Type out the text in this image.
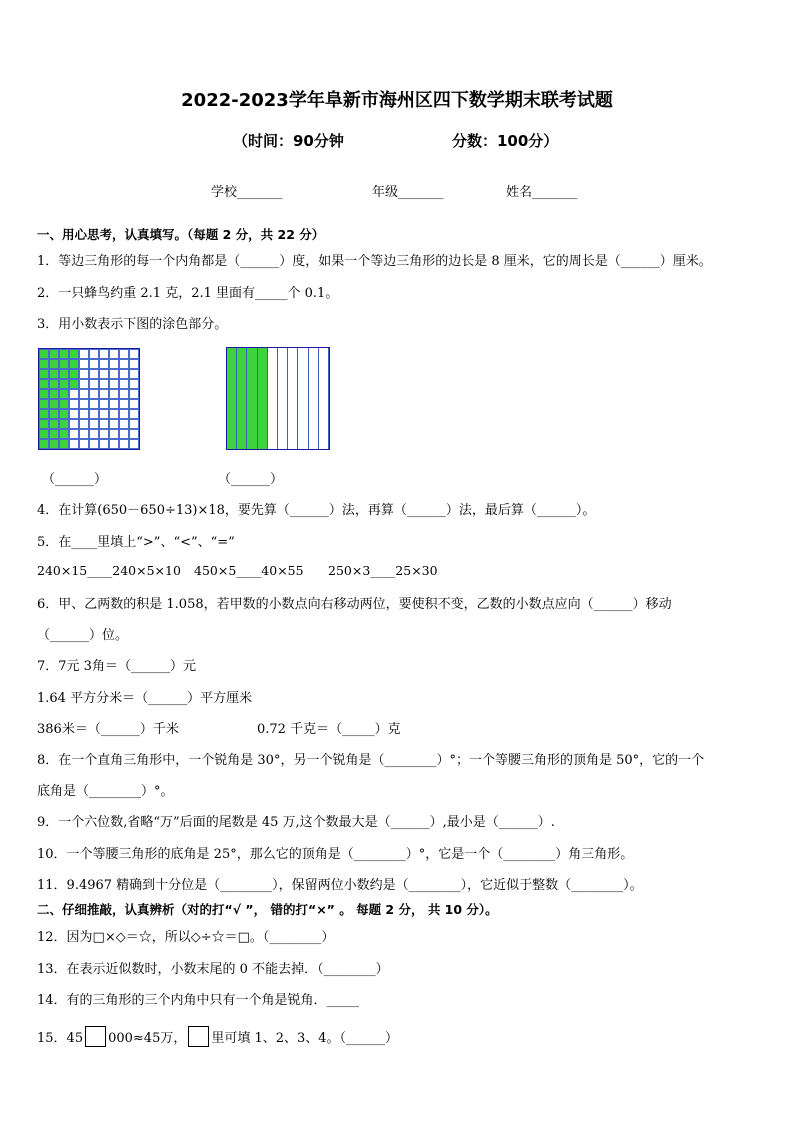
2022-2023学年阜新市海州区四下数学期末联考试题
（时间：90分钟	分数：100分）
学校_______	年级_______	姓名_______
一、用心思考，认真填写。（每题 2 分，共 22 分）
1．等边三角形的每一个内角都是（______）度，如果一个等边三角形的边长是 8 厘米，它的周长是（______）厘米。
2．一只蜂鸟约重 2.1 克，2.1 里面有_____个 0.1。
3．用小数表示下图的涂色部分。
（______）	（______）
4．在计算(650－650÷13)×18，要先算（______）法，再算（______）法，最后算（______）。
5．在____里填上“>”、“<”、“=”
240×15____240×5×10 450×5____40×55 250×3____25×30
6．甲、乙两数的积是 1.058，若甲数的小数点向右移动两位，要使积不变，乙数的小数点应向（______）移动
（______）位。
7．7元 3角＝（______）元
1.64 平方分米＝（______）平方厘米
386米＝（______）千米	0.72 千克＝（_____）克
8．在一个直角三角形中，一个锐角是 30°，另一个锐角是（________）°；一个等腰三角形的顶角是 50°，它的一个
底角是（________）°。
9．一个六位数,省略“万”后面的尾数是 45 万,这个数最大是（______）,最小是（______）.
10．一个等腰三角形的底角是 25°，那么它的顶角是（________）°，它是一个（________）角三角形。
11．9.4967 精确到十分位是（________），保留两位小数约是（________），它近似于整数（________）。
二、仔细推敲，认真辨析（对的打“√ ”， 错的打“×” 。 每题 2 分， 共 10 分）。
12．因为□×◇＝☆，所以◇÷☆＝□。（________）
13．在表示近似数时，小数末尾的 0 不能去掉．（________）
14．有的三角形的三个内角中只有一个角是锐角．_____
15．45 000≈45万， 里可填 1、2、3、4。（______）
